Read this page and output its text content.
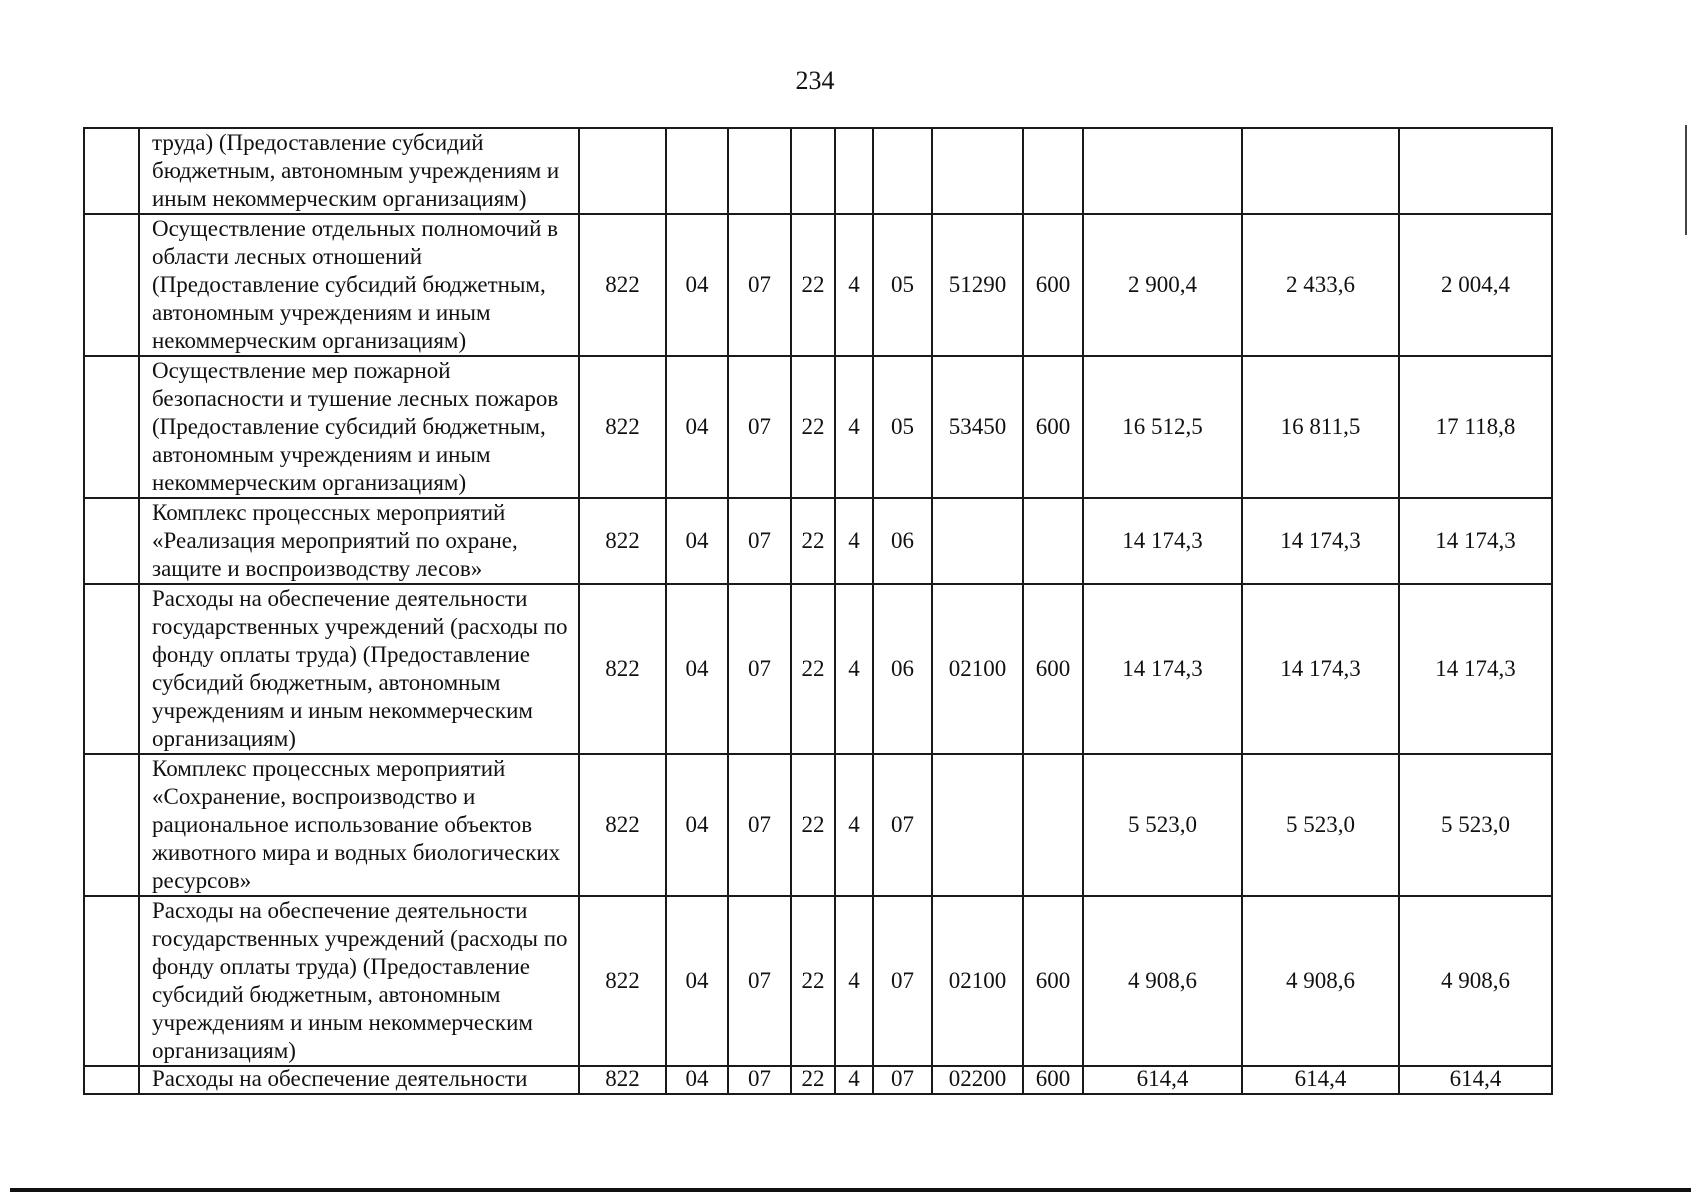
234
	труда) (Предоставление субсидий бюджетным, автономным учреждениям и иным некоммерческим организациям)											
	Осуществление отдельных полномочий в области лесных отношений (Предоставление субсидий бюджетным, автономным учреждениям и иным некоммерческим организациям)	822	04	07	22	4	05	51290	600	2 900,4	2 433,6	2 004,4
	Осуществление мер пожарной безопасности и тушение лесных пожаров (Предоставление субсидий бюджетным, автономным учреждениям и иным некоммерческим организациям)	822	04	07	22	4	05	53450	600	16 512,5	16 811,5	17 118,8
	Комплекс процессных мероприятий «Реализация мероприятий по охране, защите и воспроизводству лесов»	822	04	07	22	4	06			14 174,3	14 174,3	14 174,3
	Расходы на обеспечение деятельности государственных учреждений (расходы по фонду оплаты труда) (Предоставление субсидий бюджетным, автономным учреждениям и иным некоммерческим организациям)	822	04	07	22	4	06	02100	600	14 174,3	14 174,3	14 174,3
	Комплекс процессных мероприятий «Сохранение, воспроизводство и рациональное использование объектов животного мира и водных биологических ресурсов»	822	04	07	22	4	07			5 523,0	5 523,0	5 523,0
	Расходы на обеспечение деятельности государственных учреждений (расходы по фонду оплаты труда) (Предоставление субсидий бюджетным, автономным учреждениям и иным некоммерческим организациям)	822	04	07	22	4	07	02100	600	4 908,6	4 908,6	4 908,6
	Расходы на обеспечение деятельности	822	04	07	22	4	07	02200	600	614,4	614,4	614,4
